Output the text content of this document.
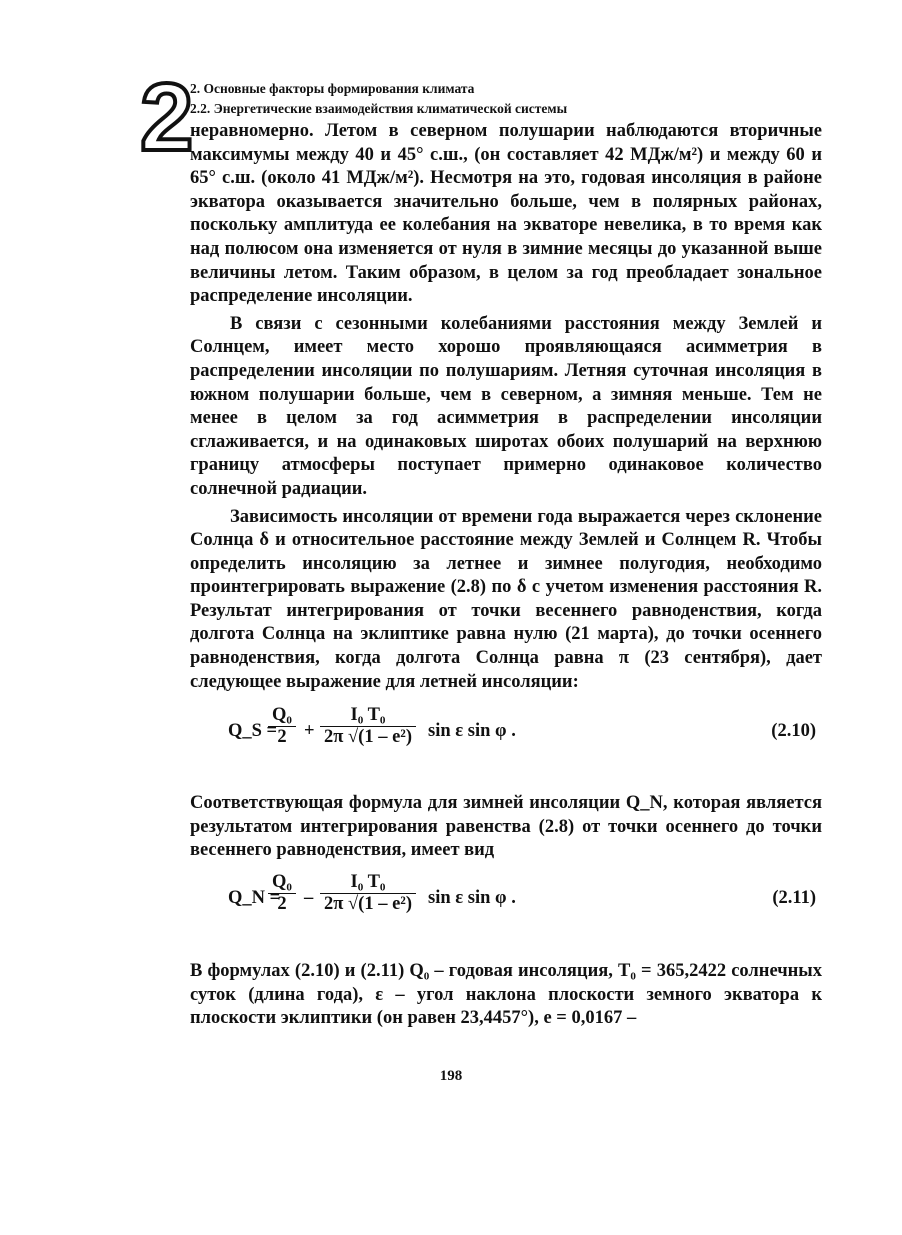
2
2. Основные факторы формирования климата
2.2. Энергетические взаимодействия климатической системы

неравномерно. Летом в северном полушарии наблюдаются вторичные максимумы между 40 и 45° с.ш., (он составляет 42 МДж/м²) и между 60 и 65° с.ш. (около 41 МДж/м²). Несмотря на это, годовая инсоляция в районе экватора оказывается значительно больше, чем в полярных районах, поскольку амплитуда ее колебания на экваторе невелика, в то время как над полюсом она изменяется от нуля в зимние месяцы до указанной выше величины летом. Таким образом, в целом за год преобладает зональное распределение инсоляции.

В связи с сезонными колебаниями расстояния между Землей и Солнцем, имеет место хорошо проявляющаяся асимметрия в распределении инсоляции по полушариям. Летняя суточная инсоляция в южном полушарии больше, чем в северном, а зимняя меньше. Тем не менее в целом за год асимметрия в распределении инсоляции сглаживается, и на одинаковых широтах обоих полушарий на верхнюю границу атмосферы поступает примерно одинаковое количество солнечной радиации.

Зависимость инсоляции от времени года выражается через склонение Солнца δ и относительное расстояние между Землей и Солнцем R. Чтобы определить инсоляцию за летнее и зимнее полугодия, необходимо проинтегрировать выражение (2.8) по δ с учетом изменения расстояния R. Результат интегрирования от точки весеннего равноденствия, когда долгота Солнца на эклиптике равна нулю (21 марта), до точки осеннего равноденствия, когда долгота Солнца равна π (23 сентября), дает следующее выражение для летней инсоляции:

Q_S =
$\frac{\text{Q₀}}{2} + \frac{\text{I₀ T₀}}{\text{2π √(1 – e²)}}$ sin ε sin φ .	(2.10)

Соответствующая формула для зимней инсоляции Q_N, которая является результатом интегрирования равенства (2.8) от точки осеннего до точки весеннего равноденствия, имеет вид

Q_N =
$\frac{\text{Q₀}}{2} - \frac{\text{I₀ T₀}}{\text{2π √(1 – e²)}}$ sin ε sin φ .	(2.11)

В формулах (2.10) и (2.11) Q₀ – годовая инсоляция, T₀ = 365,2422 солнечных суток (длина года), ε – угол наклона плоскости земного экватора к плоскости эклиптики (он равен 23,4457°), e = 0,0167 –

198
